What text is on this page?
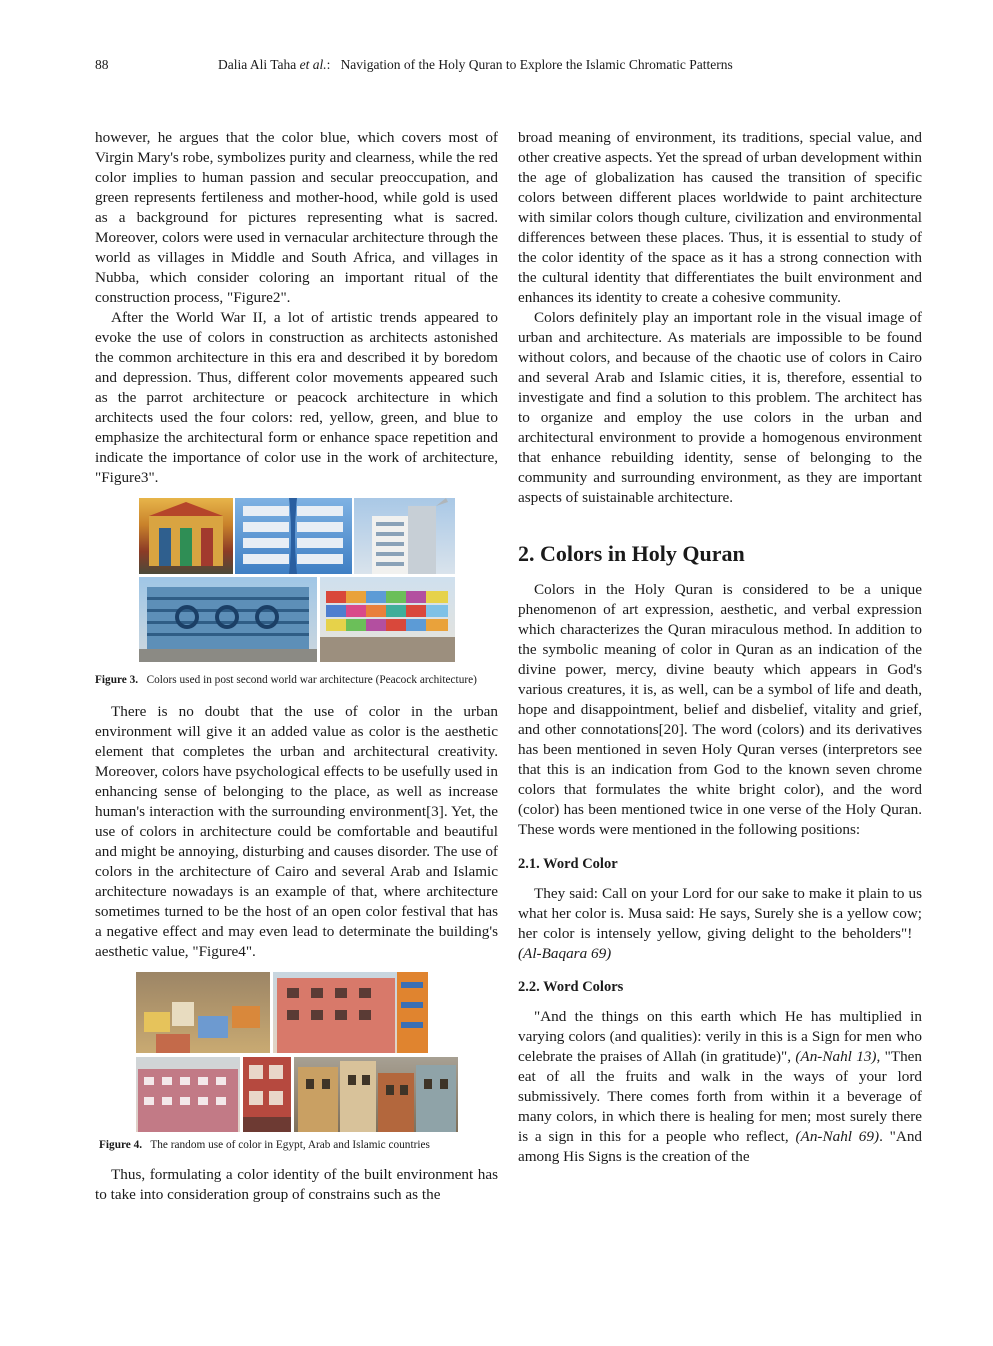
88	Dalia Ali Taha et al.: Navigation of the Holy Quran to Explore the Islamic Chromatic Patterns

however, he argues that the color blue, which covers most of Virgin Mary's robe, symbolizes purity and clearness, while the red color implies to human passion and secular preoccupation, and green represents fertileness and mother-hood, while gold is used as a background for pictures representing what is sacred. Moreover, colors were used in vernacular architecture through the world as villages in Middle and South Africa, and villages in Nubba, which consider coloring an important ritual of the construction process, "Figure2".

After the World War II, a lot of artistic trends appeared to evoke the use of colors in construction as architects astonished the common architecture in this era and described it by boredom and depression. Thus, different color movements appeared such as the parrot architecture or peacock architecture in which architects used the four colors: red, yellow, green, and blue to emphasize the architectural form or enhance space repetition and indicate the importance of color use in the work of architecture, "Figure3".

Figure 3. Colors used in post second world war architecture (Peacock architecture)

There is no doubt that the use of color in the urban environment will give it an added value as color is the aesthetic element that completes the urban and architectural creativity. Moreover, colors have psychological effects to be usefully used in enhancing sense of belonging to the place, as well as increase human's interaction with the surrounding environment[3]. Yet, the use of colors in architecture could be comfortable and beautiful and might be annoying, disturbing and causes disorder. The use of colors in the architecture of Cairo and several Arab and Islamic architecture nowadays is an example of that, where architecture sometimes turned to be the host of an open color festival that has a negative effect and may even lead to determinate the building's aesthetic value, "Figure4".

Figure 4. The random use of color in Egypt, Arab and Islamic countries

Thus, formulating a color identity of the built environment has to take into consideration group of constrains such as the

broad meaning of environment, its traditions, special value, and other creative aspects. Yet the spread of urban development within the age of globalization has caused the transition of specific colors between different places worldwide to paint architecture with similar colors though culture, civilization and environmental differences between these places. Thus, it is essential to study of the color identity of the space as it has a strong connection with the cultural identity that differentiates the built environment and enhances its identity to create a cohesive community.

Colors definitely play an important role in the visual image of urban and architecture. As materials are impossible to be found without colors, and because of the chaotic use of colors in Cairo and several Arab and Islamic cities, it is, therefore, essential to investigate and find a solution to this problem. The architect has to organize and employ the use colors in the urban and architectural environment to provide a homogenous environment that enhance rebuilding identity, sense of belonging to the community and surrounding environment, as they are important aspects of suistainable architecture.

2. Colors in Holy Quran

Colors in the Holy Quran is considered to be a unique phenomenon of art expression, aesthetic, and verbal expression which characterizes the Quran miraculous method. In addition to the symbolic meaning of color in Quran as an indication of the divine power, mercy, divine beauty which appears in God's various creatures, it is, as well, can be a symbol of life and death, hope and disappointment, belief and disbelief, vitality and grief, and other connotations[20]. The word (colors) and its derivatives has been mentioned in seven Holy Quran verses (interpretors see that this is an indication from God to the known seven chrome colors that formulates the white bright color), and the word (color) has been mentioned twice in one verse of the Holy Quran. These words were mentioned in the following positions:

2.1. Word Color

They said: Call on your Lord for our sake to make it plain to us what her color is. Musa said: He says, Surely she is a yellow cow; her color is intensely yellow, giving delight to the beholders"!   (Al-Baqara 69)

2.2. Word Colors

"And the things on this earth which He has multiplied in varying colors (and qualities): verily in this is a Sign for men who celebrate the praises of Allah (in gratitude)", (An-Nahl 13), "Then eat of all the fruits and walk in the ways of your lord submissively. There comes forth from within it a beverage of many colors, in which there is healing for men; most surely there is a sign in this for a people who reflect, (An-Nahl 69). "And among His Signs is the creation of the
